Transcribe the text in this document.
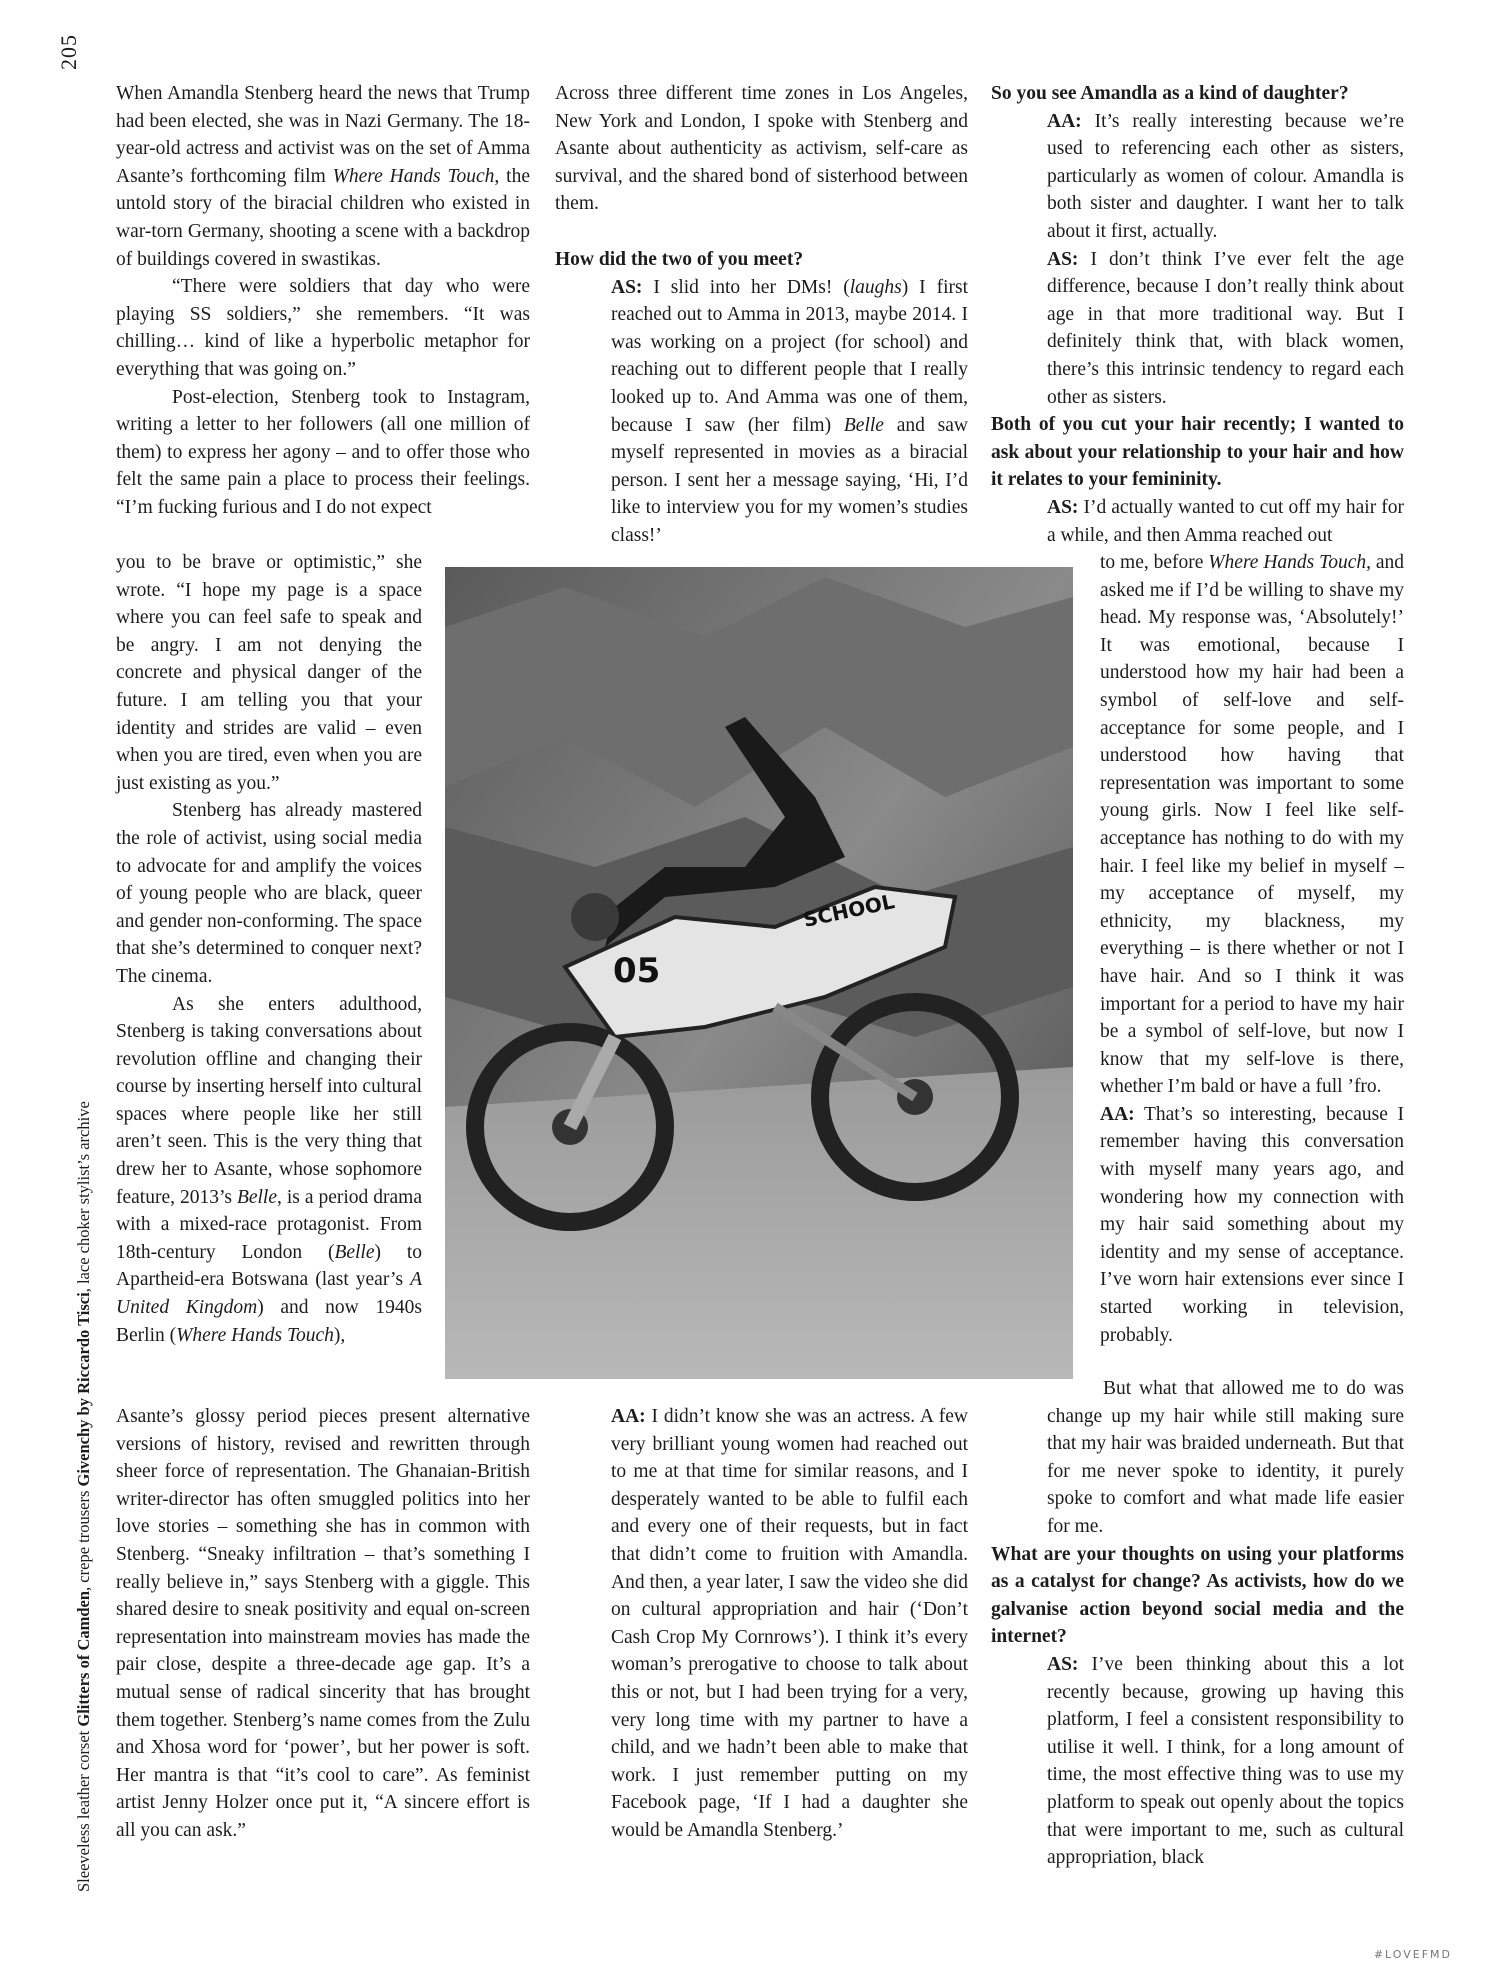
205
Sleeveless leather corset Glitters of Camden, crepe trousers Givenchy by Riccardo Tisci, lace choker stylist’s archive

When Amandla Stenberg heard the news that Trump had been elected, she was in Nazi Germany. The 18-year-old actress and activist was on the set of Amma Asante’s forthcoming film Where Hands Touch, the untold story of the biracial children who existed in war-torn Germany, shooting a scene with a backdrop of buildings covered in swastikas.

“There were soldiers that day who were playing SS soldiers,” she remembers. “It was chilling… kind of like a hyperbolic metaphor for everything that was going on.”

Post-election, Stenberg took to Instagram, writing a letter to her followers (all one million of them) to express her agony – and to offer those who felt the same pain a place to process their feelings. “I’m fucking furious and I do not expect

you to be brave or optimistic,” she wrote. “I hope my page is a space where you can feel safe to speak and be angry. I am not denying the concrete and physical danger of the future. I am telling you that your identity and strides are valid – even when you are tired, even when you are just existing as you.”

Stenberg has already mastered the role of activist, using social media to advocate for and amplify the voices of young people who are black, queer and gender non-conforming. The space that she’s determined to conquer next? The cinema.

As she enters adulthood, Stenberg is taking conversations about revolution offline and changing their course by inserting herself into cultural spaces where people like her still aren’t seen. This is the very thing that drew her to Asante, whose sophomore feature, 2013’s Belle, is a period drama with a mixed-race protagonist. From 18th-century London (Belle) to Apartheid-era Botswana (last year’s A United Kingdom) and now 1940s Berlin (Where Hands Touch),

Asante’s glossy period pieces present alternative versions of history, revised and rewritten through sheer force of representation. The Ghanaian-British writer-director has often smuggled politics into her love stories – something she has in common with Stenberg. “Sneaky infiltration – that’s something I really believe in,” says Stenberg with a giggle. This shared desire to sneak positivity and equal on-screen representation into mainstream movies has made the pair close, despite a three-decade age gap. It’s a mutual sense of radical sincerity that has brought them together. Stenberg’s name comes from the Zulu and Xhosa word for ‘power’, but her power is soft. Her mantra is that “it’s cool to care”. As feminist artist Jenny Holzer once put it, “A sincere effort is all you can ask.”

Across three different time zones in Los Angeles, New York and London, I spoke with Stenberg and Asante about authenticity as activism, self-care as survival, and the shared bond of sisterhood between them.

How did the two of you meet?

AS: I slid into her DMs! (laughs) I first reached out to Amma in 2013, maybe 2014. I was working on a project (for school) and reaching out to different people that I really looked up to. And Amma was one of them, because I saw (her film) Belle and saw myself represented in movies as a biracial person. I sent her a message saying, ‘Hi, I’d like to interview you for my women’s studies class!’

AA: I didn’t know she was an actress. A few very brilliant young women had reached out to me at that time for similar reasons, and I desperately wanted to be able to fulfil each and every one of their requests, but in fact that didn’t come to fruition with Amandla. And then, a year later, I saw the video she did on cultural appropriation and hair (‘Don’t Cash Crop My Cornrows’). I think it’s every woman’s prerogative to choose to talk about this or not, but I had been trying for a very, very long time with my partner to have a child, and we hadn’t been able to make that work. I just remember putting on my Facebook page, ‘If I had a daughter she would be Amandla Stenberg.’

So you see Amandla as a kind of daughter?

AA: It’s really interesting because we’re used to referencing each other as sisters, particularly as women of colour. Amandla is both sister and daughter. I want her to talk about it first, actually.

AS: I don’t think I’ve ever felt the age difference, because I don’t really think about age in that more traditional way. But I definitely think that, with black women, there’s this intrinsic tendency to regard each other as sisters.

Both of you cut your hair recently; I wanted to ask about your relationship to your hair and how it relates to your femininity.

AS: I’d actually wanted to cut off my hair for a while, and then Amma reached out

to me, before Where Hands Touch, and asked me if I’d be willing to shave my head. My response was, ‘Absolutely!’ It was emotional, because I understood how my hair had been a symbol of self-love and self-acceptance for some people, and I understood how having that representation was important to some young girls. Now I feel like self-acceptance has nothing to do with my hair. I feel like my belief in myself – my acceptance of myself, my ethnicity, my blackness, my everything – is there whether or not I have hair. And so I think it was important for a period to have my hair be a symbol of self-love, but now I know that my self-love is there, whether I’m bald or have a full ’fro.

AA: That’s so interesting, because I remember having this conversation with myself many years ago, and wondering how my connection with my hair said something about my identity and my sense of acceptance. I’ve worn hair extensions ever since I started working in television, probably.

But what that allowed me to do was change up my hair while still making sure that my hair was braided underneath. But that for me never spoke to identity, it purely spoke to comfort and what made life easier for me.

What are your thoughts on using your platforms as a catalyst for change? As activists, how do we galvanise action beyond social media and the internet?

AS: I’ve been thinking about this a lot recently because, growing up having this platform, I feel a consistent responsibility to utilise it well. I think, for a long amount of time, the most effective thing was to use my platform to speak out openly about the topics that were important to me, such as cultural appropriation, black

05
SCHOOL
#LOVEFMD
